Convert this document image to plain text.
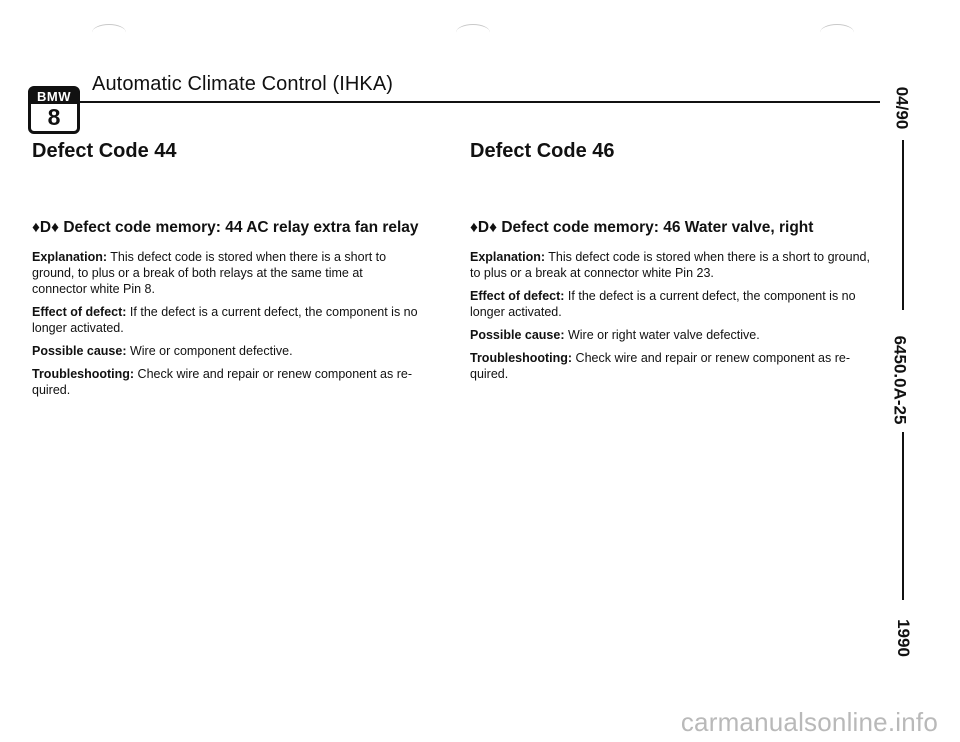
BMW
8
Automatic Climate Control (IHKA)
Defect Code 44
♦D♦ Defect code memory: 44 AC relay extra fan relay

Explanation: This defect code is stored when there is a short to ground, to plus or a break of both relays at the same time at connector white Pin 8.

Effect of defect: If the defect is a current defect, the component is no longer activated.

Possible cause: Wire or component defective.

Troubleshooting: Check wire and repair or renew component as re-quired.

Defect Code 46
♦D♦ Defect code memory: 46 Water valve, right

Explanation: This defect code is stored when there is a short to ground, to plus or a break at connector white Pin 23.

Effect of defect: If the defect is a current defect, the component is no longer activated.

Possible cause: Wire or right water valve defective.

Troubleshooting: Check wire and repair or renew component as re-quired.

04/90
6450.0A-25
1990
carmanualsonline.info
